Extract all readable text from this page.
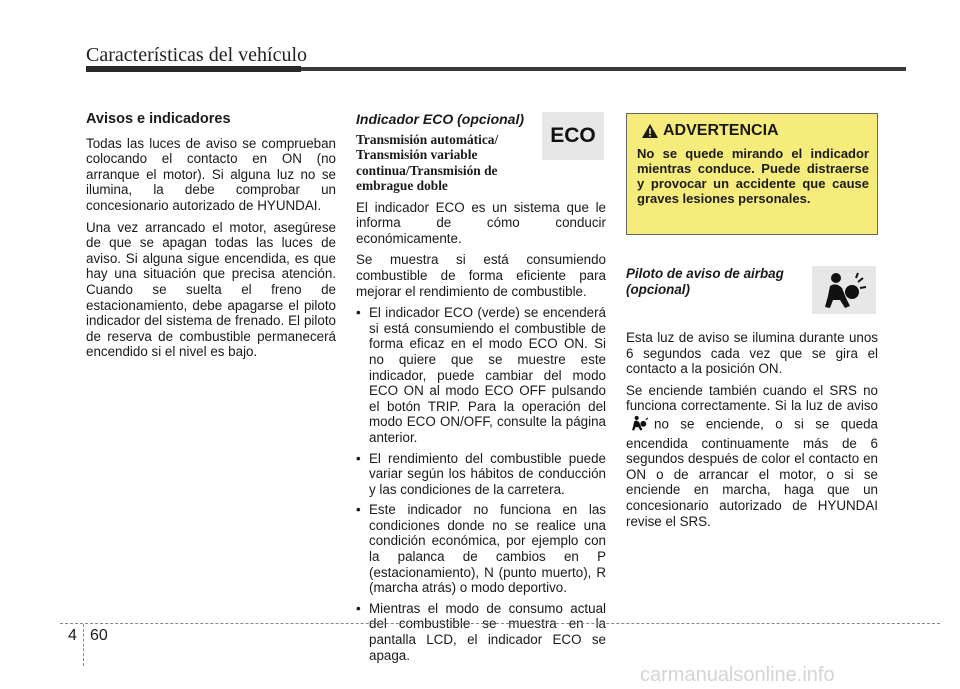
Características del vehículo
Avisos e indicadores

Todas las luces de aviso se comprueban colocando el contacto en ON (no arranque el motor). Si alguna luz no se ilumina, la debe comprobar un concesionario autorizado de HYUNDAI.

Una vez arrancado el motor, asegúrese de que se apagan todas las luces de aviso. Si alguna sigue encendida, es que hay una situación que precisa atención. Cuando se suelta el freno de estacionamiento, debe apagarse el piloto indicador del sistema de frenado. El piloto de reserva de combustible permanecerá encendido si el nivel es bajo.

Indicador ECO (opcional)
Transmisión automática/ Transmisión variable continua/Transmisión de embrague doble

El indicador ECO es un sistema que le informa de cómo conducir económicamente.

Se muestra si está consumiendo combustible de forma eficiente para mejorar el rendimiento de combustible.

• El indicador ECO (verde) se encenderá si está consumiendo el combustible de forma eficaz en el modo ECO ON. Si no quiere que se muestre este indicador, puede cambiar del modo ECO ON al modo ECO OFF pulsando el botón TRIP. Para la operación del modo ECO ON/OFF, consulte la página anterior.
• El rendimiento del combustible puede variar según los hábitos de conducción y las condiciones de la carretera.
• Este indicador no funciona en las condiciones donde no se realice una condición económica, por ejemplo con la palanca de cambios en P (estacionamiento), N (punto muerto), R (marcha atrás) o modo deportivo.
• Mientras el modo de consumo actual del combustible se muestra en la pantalla LCD, el indicador ECO se apaga.
ECO	ADVERTENCIA
No se quede mirando el indicador mientras conduce. Puede distraerse y provocar un accidente que cause graves lesiones personales.
Piloto de aviso de airbag (opcional)

Esta luz de aviso se ilumina durante unos 6 segundos cada vez que se gira el contacto a la posición ON.

Se enciende también cuando el SRS no funciona correctamente. Si la luz de avisono se enciende, o si se queda encendida continuamente más de 6 segundos después de color el contacto en ON o de arrancar el motor, o si se enciende en marcha, haga que un concesionario autorizado de HYUNDAI revise el SRS.

4 60
carmanualsonline.info
